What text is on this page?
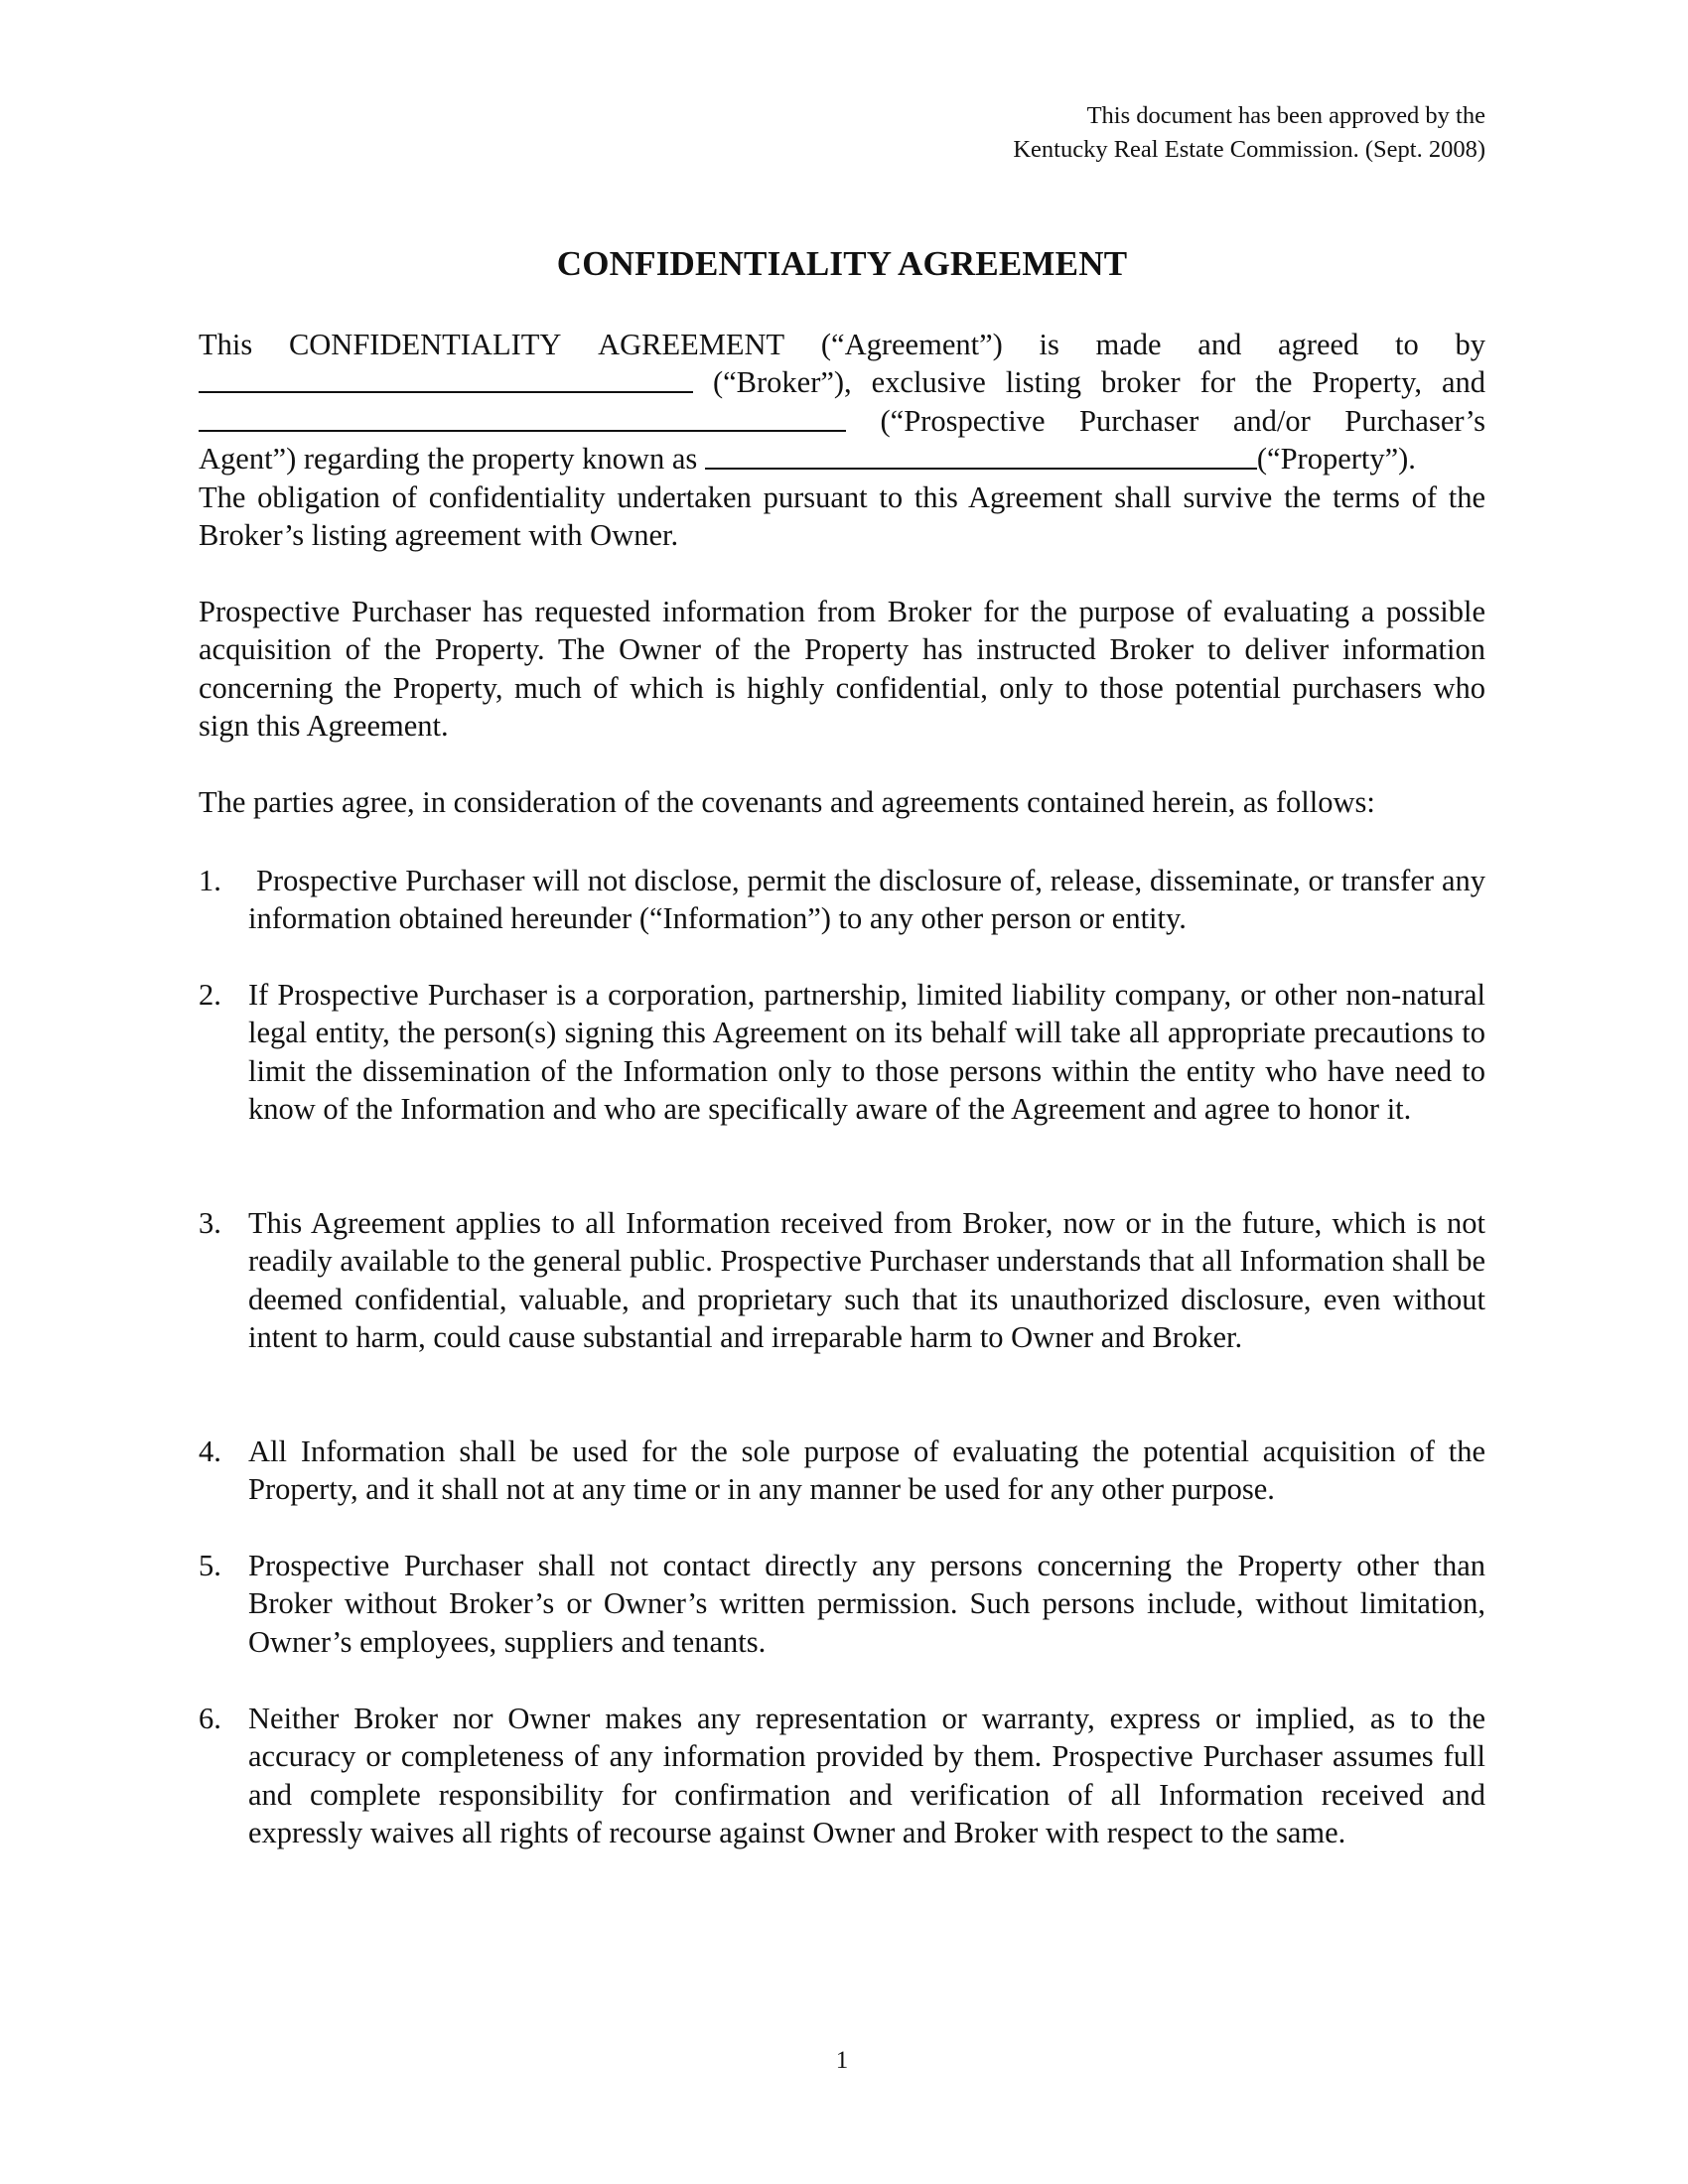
This document has been approved by the
Kentucky Real Estate Commission. (Sept. 2008)
CONFIDENTIALITY AGREEMENT
This CONFIDENTIALITY AGREEMENT (“Agreement”) is made and agreed to by
(“Broker”), exclusive listing broker for the Property, and
(“Prospective Purchaser and/or Purchaser’s
Agent”) regarding the property known as	(“Property”).
The obligation of confidentiality undertaken pursuant to this Agreement shall survive the terms of the Broker’s listing agreement with Owner.
Prospective Purchaser has requested information from Broker for the purpose of evaluating a possible acquisition of the Property. The Owner of the Property has instructed Broker to deliver information concerning the Property, much of which is highly confidential, only to those potential purchasers who sign this Agreement.
The parties agree, in consideration of the covenants and agreements contained herein, as follows:
1.	Prospective Purchaser will not disclose, permit the disclosure of, release, disseminate, or transfer any information obtained hereunder (“Information”) to any other person or entity.

2. If Prospective Purchaser is a corporation, partnership, limited liability company, or other non-natural legal entity, the person(s) signing this Agreement on its behalf will take all appropriate precautions to limit the dissemination of the Information only to those persons within the entity who have need to know of the Information and who are specifically aware of the Agreement and agree to honor it.

3. This Agreement applies to all Information received from Broker, now or in the future, which is not readily available to the general public. Prospective Purchaser understands that all Information shall be deemed confidential, valuable, and proprietary such that its unauthorized disclosure, even without intent to harm, could cause substantial and irreparable harm to Owner and Broker.

4. All Information shall be used for the sole purpose of evaluating the potential acquisition of the Property, and it shall not at any time or in any manner be used for any other purpose.

5. Prospective Purchaser shall not contact directly any persons concerning the Property other than Broker without Broker’s or Owner’s written permission. Such persons include, without limitation, Owner’s employees, suppliers and tenants.

6. Neither Broker nor Owner makes any representation or warranty, express or implied, as to the accuracy or completeness of any information provided by them. Prospective Purchaser assumes full and complete responsibility for confirmation and verification of all Information received and expressly waives all rights of recourse against Owner and Broker with respect to the same.

1
